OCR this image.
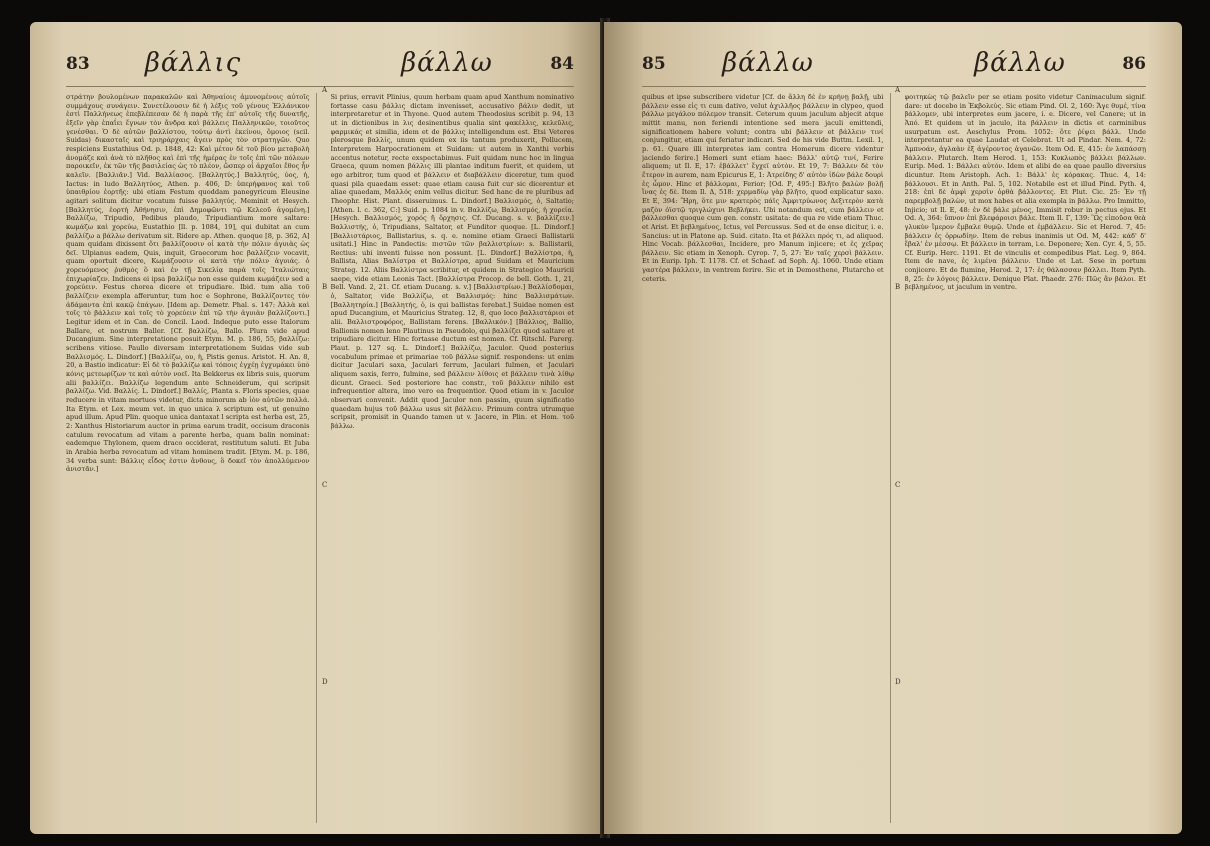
83	βάλλις	βάλλω	84

στράτην βουλομένων παρακαλῶν καὶ Ἀθηναίοις ἀμυνομένοις αὐτοῖς συμμάχους συνάγειν. Συνετέλουσιν δὲ ἡ λέξις τοῦ γένους Ἑλλάνικον ἐστὶ Παλλήνεως ἐπεβλέπεσαν δὲ ἡ παρὰ τῆς ἐπ' αὐτοῖς τῆς δυνατῆς, ἐξεῖν γὰρ ἐπαΐει ἔγνων τὸν ἄνδρα καὶ βάλλεις Παλληνικῶν, τοιοῦτος γενέσθαι. Ὁ δὲ αὐτῶν βαλλίστου, τούτῳ ἀντὶ ἐκείνου, ὅμοιος (scil. Suidas) δικασταῖς καὶ τριηράρχαις ἄγειν πρὸς τὸν στρατηγῶν. Quo respiciens Eustathius Od. p. 1848, 42: Καὶ μέτον δὲ τοῦ βίου μεταβολὴ ἀνομάζε καὶ ἀνὰ τὸ πλῆθος καὶ ἐπὶ τῆς ἡμέρας ἐν τοῖς ἐπὶ τῶν πόλεων παροικεῖν, ἐκ τῶν τῆς βασιλείας ὡς τὸ πλέον, ὥσπερ οἱ ἀρχαῖοι ἔθος ἦν καλεῖν. [Βαλλιᾶν.] Vid. Βαλλίασος. [Βαλλητύς.] Βαλλητύς, ύος, ἡ, Iactus: in ludo Βαλλητύος, Athen. p. 406, D: ὑπερήφανος καὶ τοῦ ὑπαιθρίου ἑορτῆς: ubi etiam Festum quoddam panegyricum Eleusine agitari solitum dicitur vocatum fuisse βαλλητύς. Meminit et Hesych. [Βαλλητύς, ἑορτὴ Ἀθήνησιν, ἐπὶ Δημοφῶντι τῷ Κελεοῦ ἀγομένη.] Βαλλίζω, Tripudio, Pedibus plaudo, Tripudiantium more saltare: κωμάζω καὶ χορεύω, Eustathio [ll. p. 1084, 19], qui dubitat an cum βαλλίζω a βάλλω derivatum sit. Ridere ap. Athen. quoque [8, p. 362, A] quam quidam dixissent ὅτι βαλλίζουσιν οἱ κατὰ τὴν πόλιν ἀγυιὰς ὡς δεῖ. Ulpianus eadem, Quis, inquit, Graecorum hoc βαλλίζειν vocavit, quam oportuit dicere, Κωμάζουσιν οἱ κατὰ τὴν πόλιν ἀγυιάς. ὁ χορευόμενος ῥυθμὸς ὃ καὶ ἐν τῇ Σικελίᾳ παρὰ τοῖς Ἰταλιώταις ἐπιχωρίαζεν. Indicens ei ipsa βαλλίζω non esse quidem κωμάζειν sed a χορεύειν. Festus chorea dicere et tripudiare. Ibid. tum alia τοῦ βαλλίζειν exempla afferuntur, tum hoc e Sophrone, Βαλλίζοντες τὸν ἀδάμαντα ἐπὶ κακῷ ἐπάγων. [Idem ap. Demetr. Phal. s. 147: Ἀλλὰ καὶ τοῖς τὸ βάλλειν καὶ τοῖς τὸ χορεύειν ἐπὶ τῷ τὴν ἀγυιὰν βαλλίζοντι.] Legitur idem et in Can. de Concil. Laod. Indeque puto esse Italorum Ballare, et nostrum Baller. [Cf. βαλλίζω, Ballo. Plura vide apud Ducangium. Sine interpretatione posuit Etym. M. p. 186, 55, βαλλίζω: scribens vitiose. Paullo diversam interpretationem Suidas vide sub Βαλλισμός. L. Dindorf.] [Βαλλίζω, ου, ἡ, Pistis genus. Aristot. H. An. 8, 20, a Bastio indicatur: Εἰ δὲ τὸ βαλλίζω καὶ τόποις ἐγχέῃ ἐγχυμάκει ὑπὸ κόνις μετεωρίζων τε καὶ αὐτὸν νοεῖ. Ita Bekkerus ex libris suis, quorum alii βαλλίζει. Βαλλίζω legendum ante Schneiderum, qui scripsit βαλλίζω. Vid. Βαλλίς. L. Dindorf.] Βαλλίς, Planta s. Floris species, quae reducere in vitam mortuos videtur, dicta minorum ab ἰὸν αὐτῶν πολλά. Ita Etym. et Lex. meum vet. in quo unica λ scriptum est, ut genuino apud illum. Apud Plin. quoque unica dantaxat l scripta est herba est, 25, 2: Xanthus Historiarum auctor in prima earum tradit, occisum draconis catulum revocatum ad vitam a parente herba, quam balin nominat: eademque Thylonem, quem draco occiderat, restitutum saluti. Et Juba in Arabia herba revocatum ad vitam hominem tradit. [Etym. M. p. 186, 34 verba sunt: Βάλλις εἶδος ἐστιν ἄνθους, ὃ δοκεῖ τὸν ἀπολλύμενον ἀνιστᾶν.]

Si prius, erravit Plinius, quum herbam quam apud Xanthum nominativo fortasse casu βάλλις dictam invenisset, accusativo βάλιν dedit, ut interpretaretur et in Thyone. Quod autem Theodosius scribit p. 94, 13 ut in dictionibus in λις desinentibus qualia sint φακέλλις, κελεῦλις, φαρμικάς et similia, idem et de βάλλις intelligendum est. Etsi Veteres plerosque βαλλίς, unum quidem ex iis tantum produxerit, Pollucem, Interpretem Harpocrationem et Suidam: ut autem in Xanthi verbis accentus notetur, recte exspectabimus. Fuit quidam nunc hoc in lingua Graeca, quum nomen βάλλις illi plantae inditum fuerit, et quidem, ut ego arbitror, tum quod et βάλλειν et διαβάλλειν diceretur, tum quod quasi pila quaedam esset: quae etiam causa fuit cur sic dicerentur et aliae quaedam, Μαλλός enim vellus dicitur. Sed hanc de re pluribus ad Theophr. Hist. Plant. disseruimus. L. Dindorf.] Βαλλισμός, ὁ, Saltatio; [Athen. l. c. 362, C:] Suid. p. 1084 in v. Βαλλίζω, Βαλλισμός, ἡ χορεία. [Hesych. Βαλλισμός, χορός ἤ ὄρχησις. Cf. Ducang. s. v. βαλλίζειν.] Βαλλιστής, ὁ, Tripudians, Saltator, et Funditor quoque. [L. Dindorf.] [Βαλλιστάριος, Ballistarius, s. q. e. nomine etiam Graeci Ballistarii usitati.] Hinc in Pandectis: πιστῶν τῶν βαλλιστρίων: s. Ballistarii, Rectius: ubi inventi fuisse non possunt. [L. Dindorf.] Βαλλίστρα, ἡ, Ballista, Alias Βαλίστρα et Βαλλίστρα, apud Suidam et Mauricium Strateg. 12. Aliis Βαλλίστρα scribitur, et quidem in Strategico Mauricii saepe, vide etiam Leonis Tact. [Βαλλίστρα Procop. de bell. Goth. 1, 21, Bell. Vand. 2, 21. Cf. etiam Ducang. s. v.] [Βαλλιστρίων.] Βαλλίσδομαι, ὁ, Saltator, vide Βαλλίζω, et Βαλλισμός: hinc Βαλλισμάτων. [Βαλλητηρία.] [Βαλλητής, ὁ, is qui ballistas ferebat.] Suidae nomen est apud Ducangium, et Mauricius Strateg. 12, 8, quo loco βαλλιστάριοι et alii. Βαλλιστροφόρος, Ballistam ferens. [Βαλλικόν.] [Βάλλιος, Ballio, Ballionis nomen leno Plautinus in Pseudolo, qui βαλλίζει quod saltare et tripudiare dicitur. Hinc fortasse ductum est nomen. Cf. Ritschl. Parerg. Plaut. p. 127 sq. L. Dindorf.] Βαλλίζω, Jaculor. Quod posterius vocabulum primae et primariae τοῦ βάλλω signif. respondens: ut enim dicitur Jaculari saxa, Jaculari ferrum, Jaculari fulmen, et Jaculari aliquem saxis, ferro, fulmine, sed βάλλειν λίθοις et βάλλειν τινὰ λίθῳ dicunt. Graeci. Sed posteriore hac constr., τοῦ βάλλειν nihilo est infrequentior altera, imo vero ea frequentior. Quod etiam in v. Jaculor observari convenit. Addit quod Jaculor non passim, quum significatio quaedam hujus τοῦ βάλλω usus sit βάλλειν. Primum contra utrumque scripsit, promisit in Quando tamen ut v. Jacere, in Plin. et Hom. τοῦ βάλλω.

A
B
C
D
85	βάλλω	βάλλω	86

quibus et ipse subscribere videtur [Cf. de ἄλλη δὲ ἐν κρήνῃ βαλῇ, ubi βάλλειν esse εἰς τι cum dativo, velut ἀχιλλῆος βάλλειν in clypeo, quod βάλλω μεγάλου πόλεμον transit. Ceterum quum jaculum abjecit atque mittit manu, non feriendi intentione sed mera jaculi emittendi, significationem habere volunt; contra ubi βάλλειν et βάλλειν τινί conjungitur, etiam qui feriatur indicari. Sed de his vide Buttm. Lexil. 1, p. 61. Quare illi interpretes iam contra Homerum dicere videntur jaciendo ferire.] Homeri sunt etiam haec: Βάλλ' αὐτῷ τινί, Ferire aliquem; ut Il. Ε, 17: ἐβάλλετ' ἔγχεϊ αὐτὸν. Et 19, 7: Βάλλεν δὲ τὸν ἕτερον in aurem, nam Epicurus Ε, 1: Ἀτρείδης δ' αὐτὸν ἰδὼν βάλε δουρὶ ἐς ὦμον. Hinc et βάλλομαι, Ferior; [Od. Ρ, 495:] Βλῆτο βαλὼν βολῇ ἴνας ἐς δὲ. Item Il. Δ, 518: χερμαδίῳ γὰρ βλῆτο, quod explicatur saxo. Et Ε, 394: Ἥρη, ὅτε μιν κρατερὸς πάϊς Ἀμφιτρύωνος Δεξιτερὸν κατὰ μαζὸν ὀϊστῷ τριγλώχινι Βεβλήκει. Ubi notandum est, cum βάλλειν et βάλλεσθαι quoque cum gen. constr. usitata: de qua re vide etiam Thuc. et Arist. Et βεβλημένος, Ictus, vel Percussus. Sed et de ense dicitur, i. e. Sancius: ut in Platone ap. Suid. citato. Ita et βάλλει πρός τι, ad aliquod. Hinc Vocab. βάλλεσθαι, Incidere, pro Manum injicere; et ἐς χεῖρας βάλλειν. Sic etiam in Xenoph. Cyrop. 7, 5, 27: Ἐν ταῖς χερσὶ βάλλειν. Et in Eurip. Iph. T. 1178. Cf. et Schaef. ad Soph. Aj. 1060. Unde etiam γαστέρα βάλλειν, in ventrem ferire. Sic et in Demosthene, Plutarcho et ceteris.

φοιτηκὼς τῷ βαλεῖν per se etiam posito videtur Canimaculum signif. dare: ut docebo in Ἐκβολεὺς. Sic etiam Pind. Ol. 2, 160: Ἄγε θυμέ, τίνα βάλλομεν, ubi interpretes eum jacere, i. e. Dicere, vel Canere; ut in Ἀπό. Et quidem ut in jaculo, ita βάλλειν in dictis et carminibus usurpatum est. Aeschylus Prom. 1052: ὅτε ῥίψει βάλλ. Unde interpretantur ea quae Laudat et Celebrat. Ut ad Pindar. Nem. 4, 72: Ἀμπνοάν, ἀγλαὰν ἐξ ἀγέροντος ἀγανῶν. Item Od. Ε, 415: ἐν λαπάσσῃ βάλλειν. Plutarch. Item Herod. 1, 153: Κυκλωπὸς βάλλει βάλλων. Eurip. Med. 1: Βάλλει αὐτόν. Idem et alibi de ea quae paullo diversius dicuntur. Item Aristoph. Ach. 1: Βάλλ' ἐς κόρακας. Thuc. 4, 14: βάλλουσι. Et in Anth. Pal. 5, 102. Notabile est et illud Pind. Pyth. 4, 218: ἐπὶ δὲ ἀμφὶ χερσὶν ὀρθὰ βάλλοντες. Et Plut. Cic. 25: Ἐν τῇ παρεμβολῇ βαλὼν, ut mox habes et alia exempla in βάλλω. Pro Immitto, Injicio; ut Il. Ε, 48: ἐν δὲ βάλε μένος, Immisit robur in pectus ejus. Et Od. Α, 364: ὕπνον ἐπὶ βλεφάροισι βάλε. Item Il. Γ, 139: Ὣς εἰποῦσα θεὰ γλυκὺν ἵμερον ἔμβαλε θυμῷ. Unde et ἐμβάλλειν. Sic et Herod. 7, 45: βάλλειν ἐς ὀρρωδίην. Item de rebus inanimis ut Od. Μ, 442: κάδ' δ' ἔβαλ' ἐν μέσσῳ. Et βάλλειν in terram, i.e. Deponere; Xen. Cyr. 4, 5, 55. Cf. Eurip. Herc. 1191. Et de vinculis et compedibus Plat. Leg. 9, 864. Item de nave, ἐς λιμένα βάλλειν. Unde et Lat. Sese in portum conjicere. Et de flumine, Herod. 2, 17: ἐς θάλασσαν βάλλει. Item Pyth. 8, 25: ἐν λόγοις βάλλειν. Denique Plat. Phaedr. 276: Πῶς ἂν βάλοι. Et βεβλημένος, ut jaculum in ventre.

A
B
C
D
